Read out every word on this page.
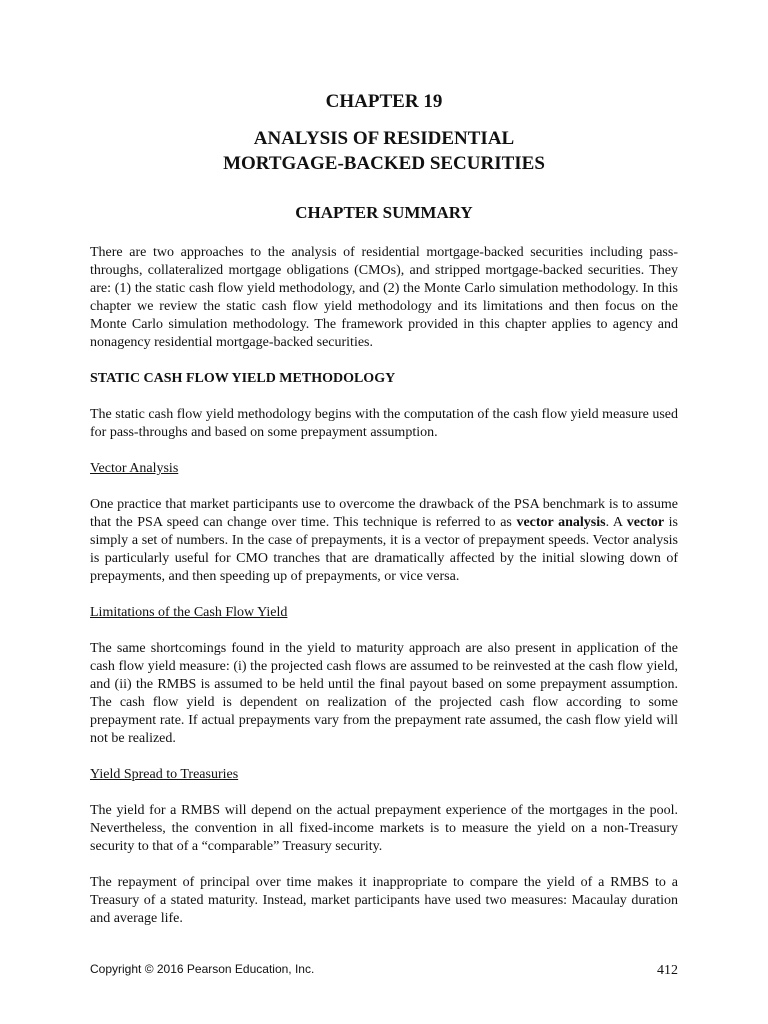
CHAPTER 19
ANALYSIS OF RESIDENTIAL
MORTGAGE-BACKED SECURITIES
CHAPTER SUMMARY

There are two approaches to the analysis of residential mortgage-backed securities including pass-throughs, collateralized mortgage obligations (CMOs), and stripped mortgage-backed securities. They are: (1) the static cash flow yield methodology, and (2) the Monte Carlo simulation methodology. In this chapter we review the static cash flow yield methodology and its limitations and then focus on the Monte Carlo simulation methodology. The framework provided in this chapter applies to agency and nonagency residential mortgage-backed securities.

STATIC CASH FLOW YIELD METHODOLOGY

The static cash flow yield methodology begins with the computation of the cash flow yield measure used for pass-throughs and based on some prepayment assumption.

Vector Analysis

One practice that market participants use to overcome the drawback of the PSA benchmark is to assume that the PSA speed can change over time. This technique is referred to as vector analysis. A vector is simply a set of numbers. In the case of prepayments, it is a vector of prepayment speeds. Vector analysis is particularly useful for CMO tranches that are dramatically affected by the initial slowing down of prepayments, and then speeding up of prepayments, or vice versa.

Limitations of the Cash Flow Yield

The same shortcomings found in the yield to maturity approach are also present in application of the cash flow yield measure: (i) the projected cash flows are assumed to be reinvested at the cash flow yield, and (ii) the RMBS is assumed to be held until the final payout based on some prepayment assumption. The cash flow yield is dependent on realization of the projected cash flow according to some prepayment rate. If actual prepayments vary from the prepayment rate assumed, the cash flow yield will not be realized.

Yield Spread to Treasuries

The yield for a RMBS will depend on the actual prepayment experience of the mortgages in the pool. Nevertheless, the convention in all fixed-income markets is to measure the yield on a non-Treasury security to that of a “comparable” Treasury security.

The repayment of principal over time makes it inappropriate to compare the yield of a RMBS to a Treasury of a stated maturity. Instead, market participants have used two measures: Macaulay duration and average life.

Copyright © 2016 Pearson Education, Inc.	412
